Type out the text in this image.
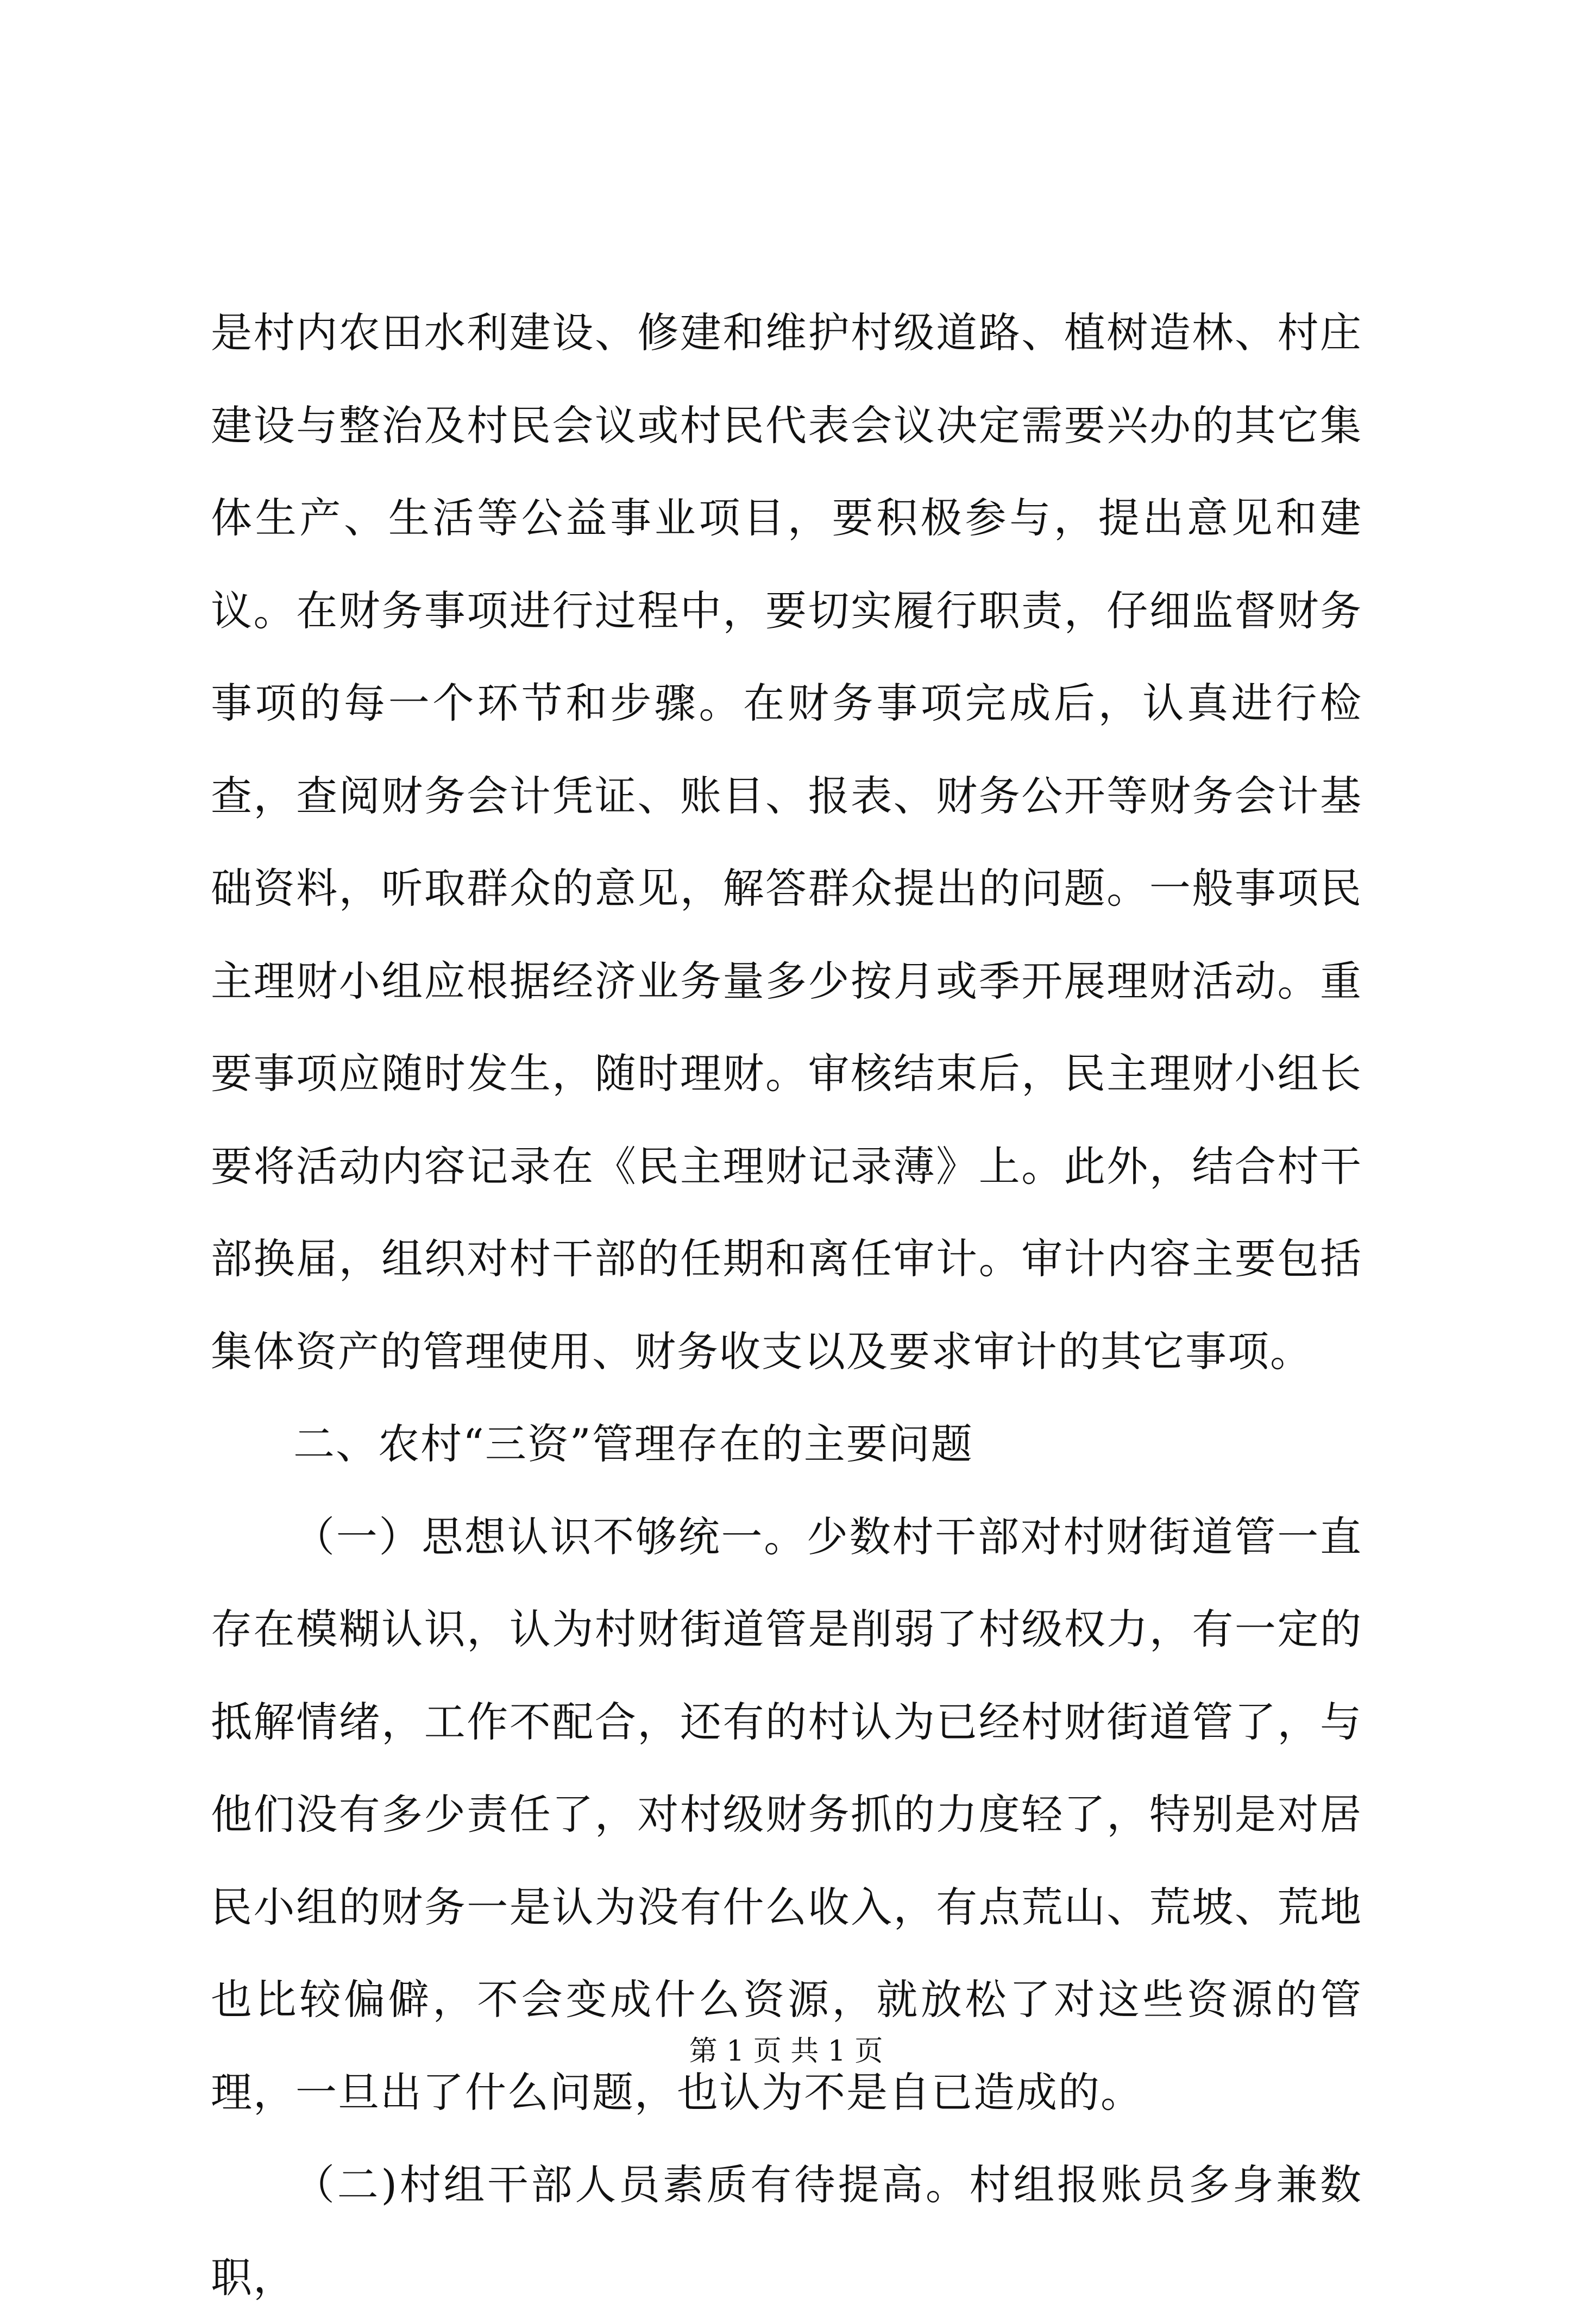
是村内农田水利建设、修建和维护村级道路、植树造林、村庄建设与整治及村民会议或村民代表会议决定需要兴办的其它集体生产、生活等公益事业项目，要积极参与，提出意见和建议。在财务事项进行过程中，要切实履行职责，仔细监督财务事项的每一个环节和步骤。在财务事项完成后，认真进行检查，查阅财务会计凭证、账目、报表、财务公开等财务会计基础资料，听取群众的意见，解答群众提出的问题。一般事项民主理财小组应根据经济业务量多少按月或季开展理财活动。重要事项应随时发生，随时理财。审核结束后，民主理财小组长要将活动内容记录在《民主理财记录薄》上。此外，结合村干部换届，组织对村干部的任期和离任审计。审计内容主要包括集体资产的管理使用、财务收支以及要求审计的其它事项。

二、农村“三资”管理存在的主要问题

（一）思想认识不够统一。少数村干部对村财街道管一直存在模糊认识，认为村财街道管是削弱了村级权力，有一定的抵解情绪，工作不配合，还有的村认为已经村财街道管了，与他们没有多少责任了，对村级财务抓的力度轻了，特别是对居民小组的财务一是认为没有什么收入，有点荒山、荒坡、荒地也比较偏僻，不会变成什么资源，就放松了对这些资源的管理，一旦出了什么问题，也认为不是自已造成的。

（二)村组干部人员素质有待提高。村组报账员多身兼数职，

第 1 页 共 1 页
